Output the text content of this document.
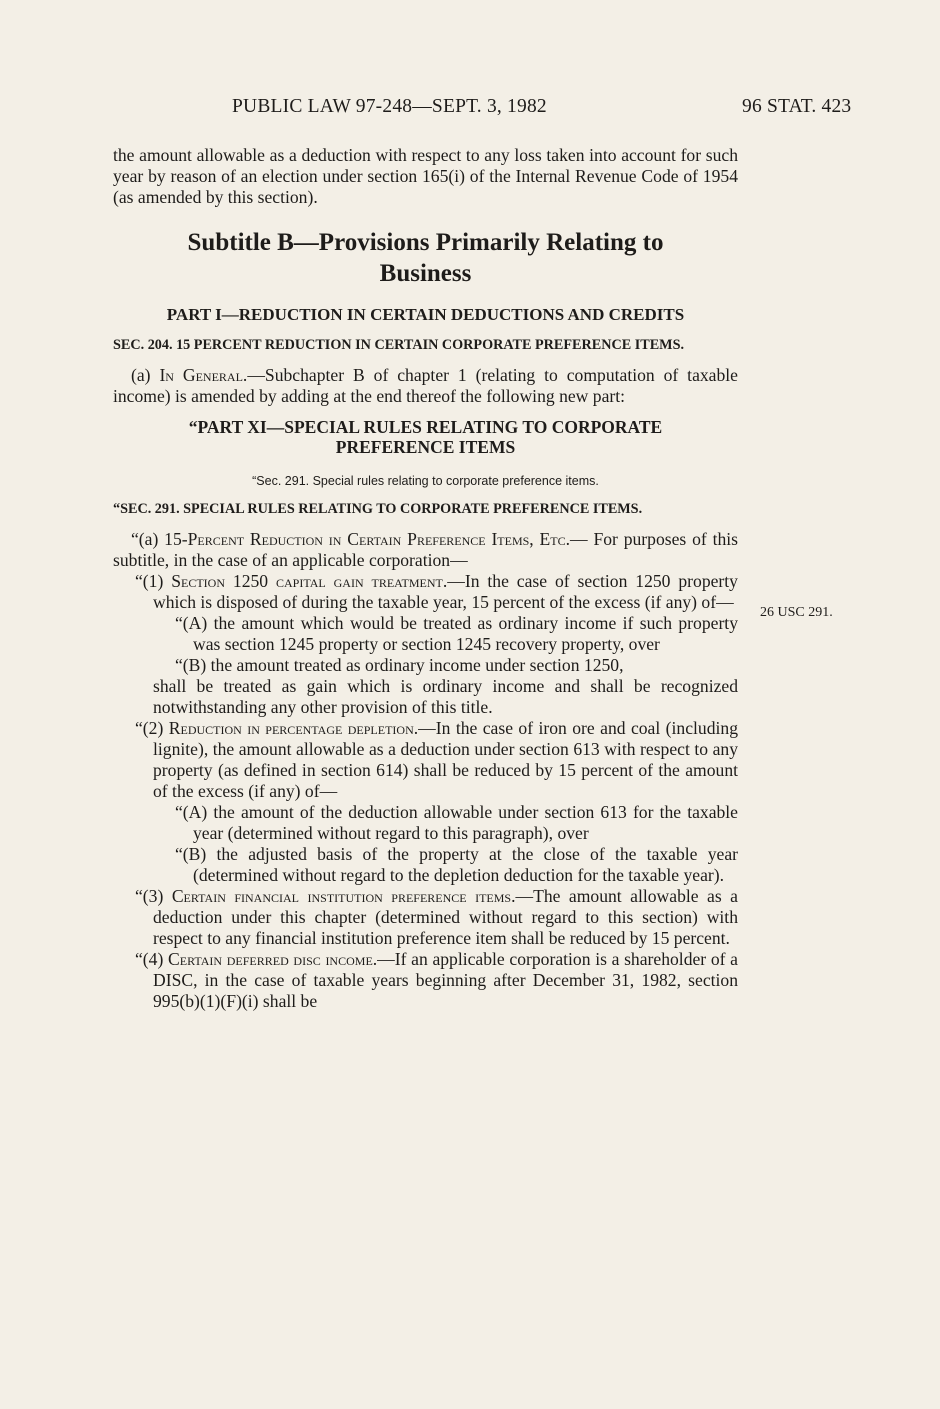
PUBLIC LAW 97-248—SEPT. 3, 1982	96 STAT. 423
26 USC 291.

the amount allowable as a deduction with respect to any loss taken into account for such year by reason of an election under section 165(i) of the Internal Revenue Code of 1954 (as amended by this section).

Subtitle B—Provisions Primarily Relating to Business
PART I—REDUCTION IN CERTAIN DEDUCTIONS AND CREDITS
SEC. 204. 15 PERCENT REDUCTION IN CERTAIN CORPORATE PREFERENCE ITEMS.

(a) In General.—Subchapter B of chapter 1 (relating to computation of taxable income) is amended by adding at the end thereof the following new part:

“PART XI—SPECIAL RULES RELATING TO CORPORATE PREFERENCE ITEMS
“Sec. 291. Special rules relating to corporate preference items.
“SEC. 291. SPECIAL RULES RELATING TO CORPORATE PREFERENCE ITEMS.

“(a) 15-Percent Reduction in Certain Preference Items, Etc.— For purposes of this subtitle, in the case of an applicable corporation—

“(1) Section 1250 capital gain treatment.—In the case of section 1250 property which is disposed of during the taxable year, 15 percent of the excess (if any) of—

“(A) the amount which would be treated as ordinary income if such property was section 1245 property or section 1245 recovery property, over

“(B) the amount treated as ordinary income under section 1250,

shall be treated as gain which is ordinary income and shall be recognized notwithstanding any other provision of this title.

“(2) Reduction in percentage depletion.—In the case of iron ore and coal (including lignite), the amount allowable as a deduction under section 613 with respect to any property (as defined in section 614) shall be reduced by 15 percent of the amount of the excess (if any) of—

“(A) the amount of the deduction allowable under section 613 for the taxable year (determined without regard to this paragraph), over

“(B) the adjusted basis of the property at the close of the taxable year (determined without regard to the depletion deduction for the taxable year).

“(3) Certain financial institution preference items.—The amount allowable as a deduction under this chapter (determined without regard to this section) with respect to any financial institution preference item shall be reduced by 15 percent.

“(4) Certain deferred disc income.—If an applicable corporation is a shareholder of a DISC, in the case of taxable years beginning after December 31, 1982, section 995(b)(1)(F)(i) shall be
